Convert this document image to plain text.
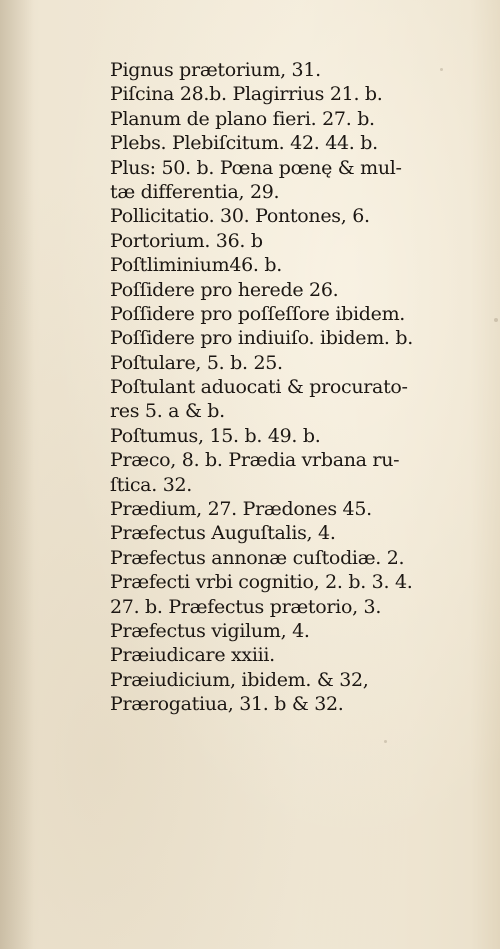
Pignus prætorium, 31.
Piſcina 28.b. Plagirrius 21. b.
Planum de plano fieri. 27. b.
Plebs. Plebiſcitum. 42. 44. b.
Plus: 50. b. Pœna pœnę & mul-
tæ differentia, 29.
Pollicitatio. 30. Pontones, 6.
Portorium. 36. b
Poſtliminium46. b.
Poſſidere pro herede 26.
Poſſidere pro poſſeſſore ibidem.
Poſſidere pro indiuiſo. ibidem. b.
Poſtulare, 5. b. 25.
Poſtulant aduocati & procurato-
res 5. a & b.
Poſtumus, 15. b. 49. b.
Præco, 8. b. Prædia vrbana ru-
ſtica. 32.
Prædium, 27. Prædones 45.
Præfectus Auguſtalis, 4.
Præfectus annonæ cuſtodiæ. 2.
Præfecti vrbi cognitio, 2. b. 3. 4.
27. b. Præfectus prætorio, 3.
Præfectus vigilum, 4.
Præiudicare xxiii.
Præiudicium, ibidem. & 32,
Prærogatiua, 31. b & 32.
